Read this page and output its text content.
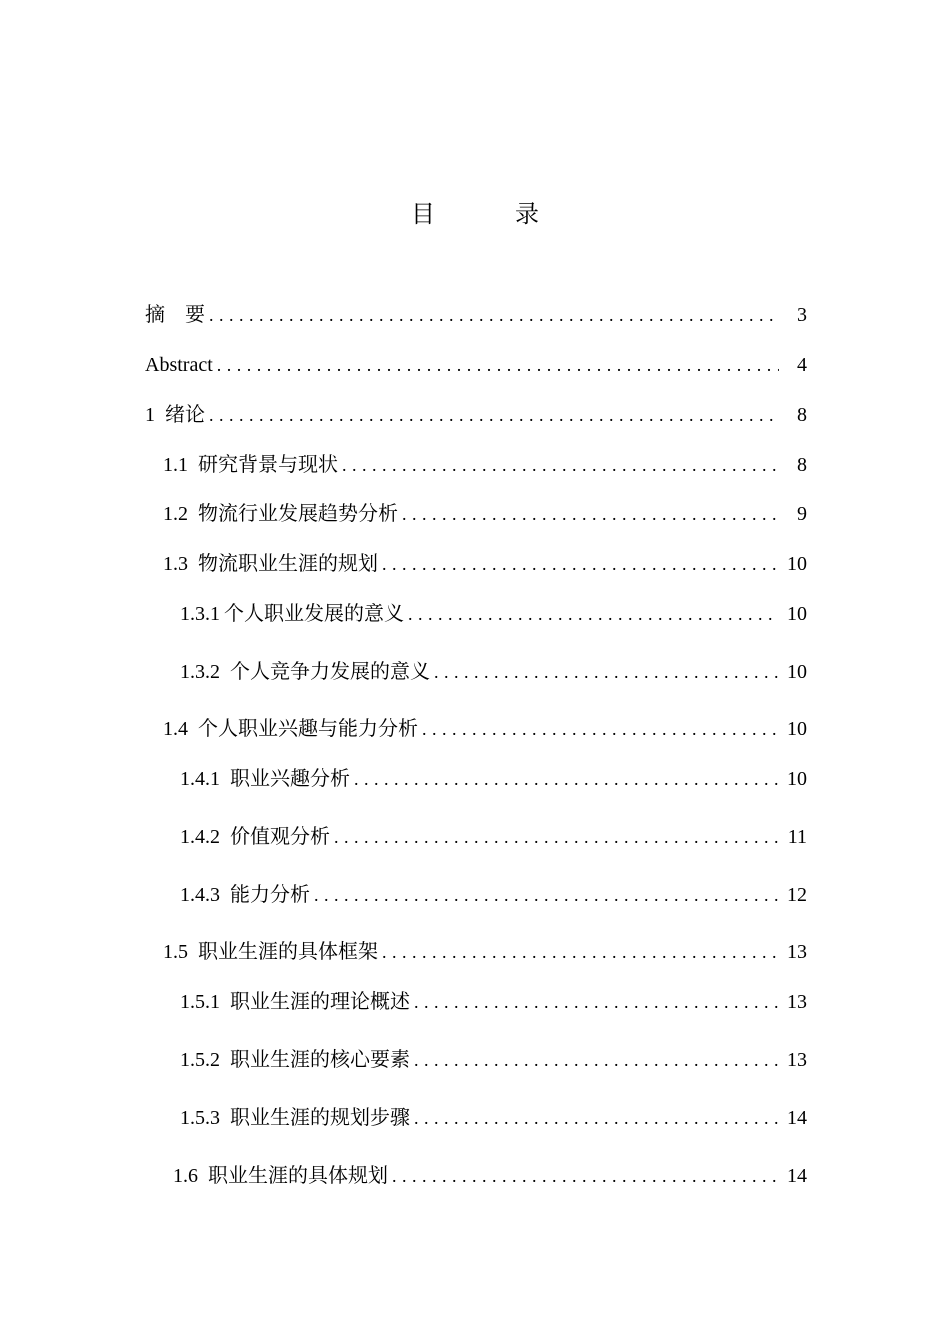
目　录
摘　要 . . .	3
Abstract . . .	4
1 绪论 . . .	8
1.1 研究背景与现状 . . .	8
1.2 物流行业发展趋势分析 . . .	9
1.3 物流职业生涯的规划 . . .	10
1.3.1 个人职业发展的意义 . . .	10
1.3.2 个人竞争力发展的意义 . . .	10
1.4 个人职业兴趣与能力分析 . . .	10
1.4.1 职业兴趣分析 . . .	10
1.4.2 价值观分析 . . .	11
1.4.3 能力分析 . . .	12
1.5 职业生涯的具体框架 . . .	13
1.5.1 职业生涯的理论概述 . . .	13
1.5.2 职业生涯的核心要素 . . .	13
1.5.3 职业生涯的规划步骤 . . .	14
1.6 职业生涯的具体规划 . . .	14
